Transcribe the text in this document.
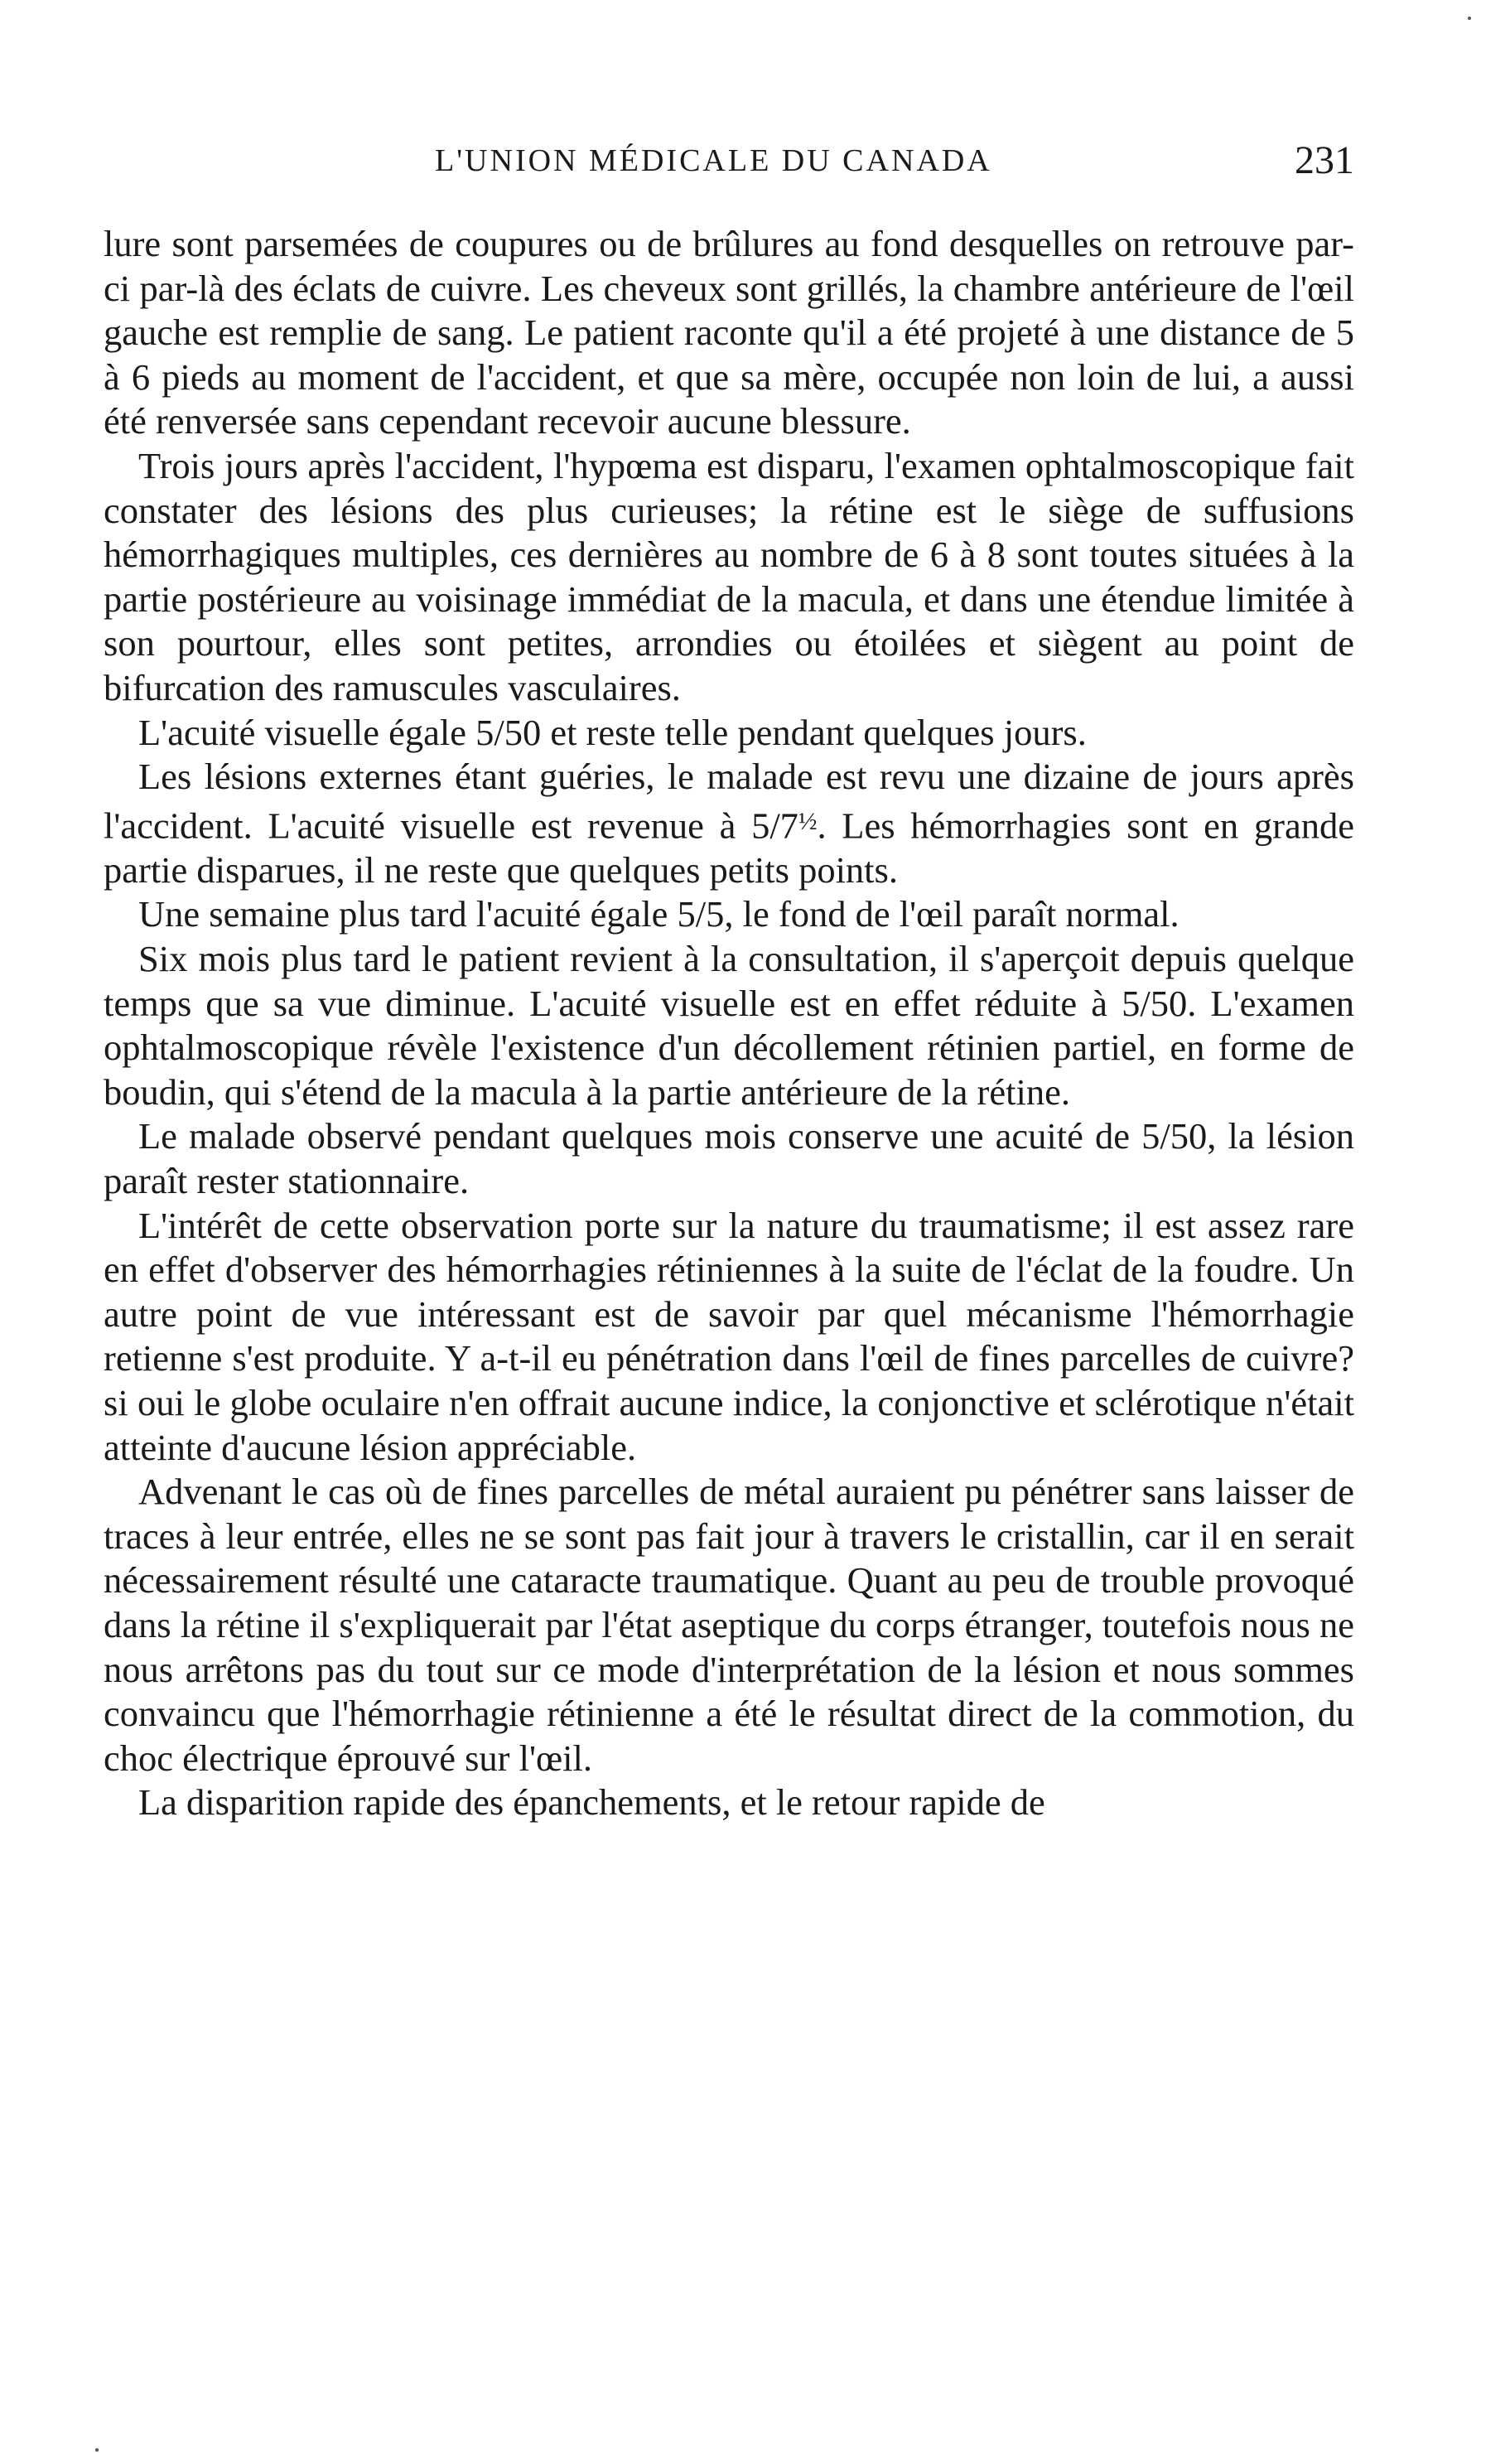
L'UNION MÉDICALE DU CANADA	231

lure sont parsemées de coupures ou de brûlures au fond desquelles on retrouve par-ci par-là des éclats de cuivre. Les cheveux sont grillés, la chambre antérieure de l'œil gauche est remplie de sang. Le patient raconte qu'il a été projeté à une distance de 5 à 6 pieds au moment de l'accident, et que sa mère, occupée non loin de lui, a aussi été renversée sans cependant recevoir aucune blessure.

Trois jours après l'accident, l'hypœma est disparu, l'examen ophtalmoscopique fait constater des lésions des plus curieuses; la rétine est le siège de suffusions hémorrhagiques multiples, ces dernières au nombre de 6 à 8 sont toutes situées à la partie postérieure au voisinage immédiat de la macula, et dans une étendue limitée à son pourtour, elles sont petites, arrondies ou étoilées et siègent au point de bifurcation des ramuscules vasculaires.

L'acuité visuelle égale 5/50 et reste telle pendant quelques jours.

Les lésions externes étant guéries, le malade est revu une dizaine de jours après l'accident. L'acuité visuelle est revenue à $5/7^{\frac{1}{2}}$. Les hémorrhagies sont en grande partie disparues, il ne reste que quelques petits points.

Une semaine plus tard l'acuité égale 5/5, le fond de l'œil paraît normal.

Six mois plus tard le patient revient à la consultation, il s'aperçoit depuis quelque temps que sa vue diminue. L'acuité visuelle est en effet réduite à 5/50. L'examen ophtalmoscopique révèle l'existence d'un décollement rétinien partiel, en forme de boudin, qui s'étend de la macula à la partie antérieure de la rétine.

Le malade observé pendant quelques mois conserve une acuité de 5/50, la lésion paraît rester stationnaire.

L'intérêt de cette observation porte sur la nature du traumatisme; il est assez rare en effet d'observer des hémorrhagies rétiniennes à la suite de l'éclat de la foudre. Un autre point de vue intéressant est de savoir par quel mécanisme l'hémorrhagie retienne s'est produite. Y a-t-il eu pénétration dans l'œil de fines parcelles de cuivre? si oui le globe oculaire n'en offrait aucune indice, la conjonctive et sclérotique n'était atteinte d'aucune lésion appréciable.

Advenant le cas où de fines parcelles de métal auraient pu pénétrer sans laisser de traces à leur entrée, elles ne se sont pas fait jour à travers le cristallin, car il en serait nécessairement résulté une cataracte traumatique. Quant au peu de trouble provoqué dans la rétine il s'expliquerait par l'état aseptique du corps étranger, toutefois nous ne nous arrêtons pas du tout sur ce mode d'interprétation de la lésion et nous sommes convaincu que l'hémorrhagie rétinienne a été le résultat direct de la commotion, du choc électrique éprouvé sur l'œil.

La disparition rapide des épanchements, et le retour rapide de
